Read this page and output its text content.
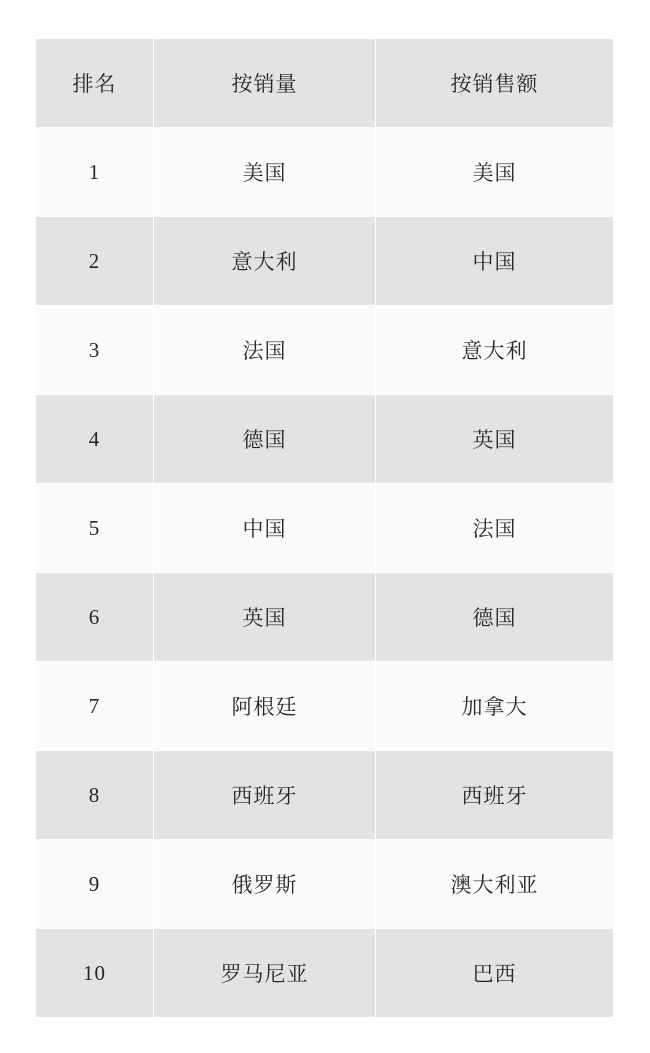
排名	按销量	按销售额
1	美国	美国
2	意大利	中国
3	法国	意大利
4	德国	英国
5	中国	法国
6	英国	德国
7	阿根廷	加拿大
8	西班牙	西班牙
9	俄罗斯	澳大利亚
10	罗马尼亚	巴西
